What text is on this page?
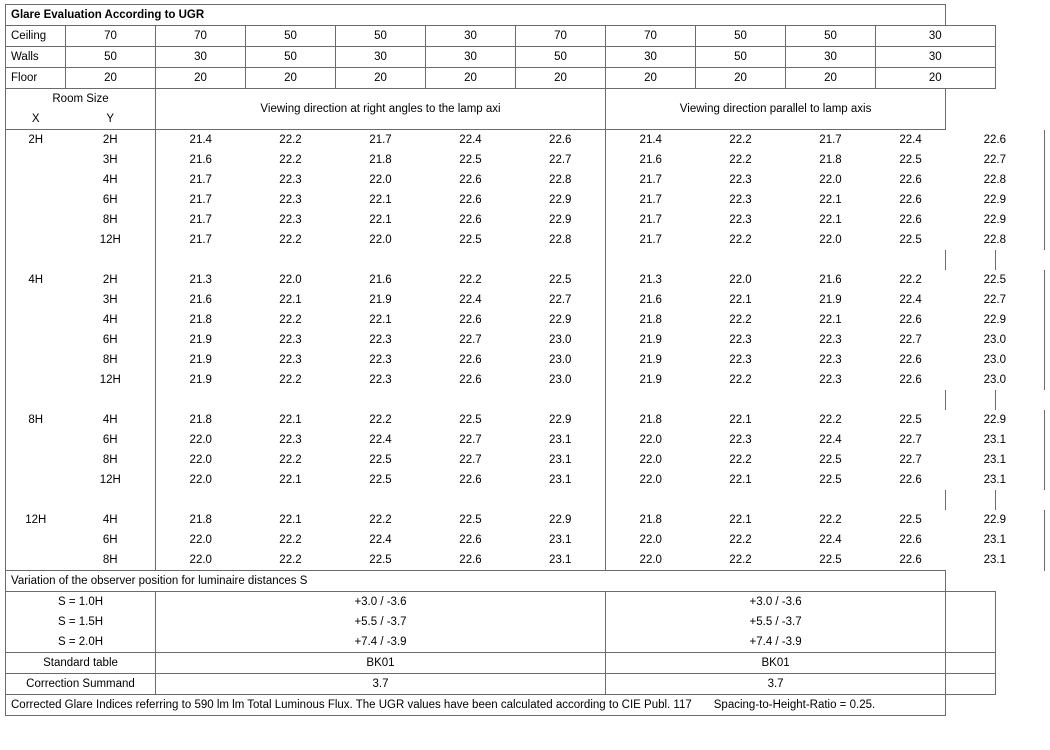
Glare Evaluation According to UGR											
Ceiling	70	70	50	50	30	70	70	50	50	30	
Walls	50	30	50	30	30	50	30	50	30	30	
Floor	20	20	20	20	20	20	20	20	20	20	
Room Size		Viewing direction at right angles to the lamp axi					Viewing direction parallel to lamp axis				
X	Y										
2H	2H	21.4	22.2	21.7	22.4	22.6	21.4	22.2	21.7	22.4	22.6
	3H	21.6	22.2	21.8	22.5	22.7	21.6	22.2	21.8	22.5	22.7
	4H	21.7	22.3	22.0	22.6	22.8	21.7	22.3	22.0	22.6	22.8
	6H	21.7	22.3	22.1	22.6	22.9	21.7	22.3	22.1	22.6	22.9
	8H	21.7	22.3	22.1	22.6	22.9	21.7	22.3	22.1	22.6	22.9
	12H	21.7	22.2	22.0	22.5	22.8	21.7	22.2	22.0	22.5	22.8

4H	2H	21.3	22.0	21.6	22.2	22.5	21.3	22.0	21.6	22.2	22.5
	3H	21.6	22.1	21.9	22.4	22.7	21.6	22.1	21.9	22.4	22.7
	4H	21.8	22.2	22.1	22.6	22.9	21.8	22.2	22.1	22.6	22.9
	6H	21.9	22.3	22.3	22.7	23.0	21.9	22.3	22.3	22.7	23.0
	8H	21.9	22.3	22.3	22.6	23.0	21.9	22.3	22.3	22.6	23.0
	12H	21.9	22.2	22.3	22.6	23.0	21.9	22.2	22.3	22.6	23.0

8H	4H	21.8	22.1	22.2	22.5	22.9	21.8	22.1	22.2	22.5	22.9
	6H	22.0	22.3	22.4	22.7	23.1	22.0	22.3	22.4	22.7	23.1
	8H	22.0	22.2	22.5	22.7	23.1	22.0	22.2	22.5	22.7	23.1
	12H	22.0	22.1	22.5	22.6	23.1	22.0	22.1	22.5	22.6	23.1

12H	4H	21.8	22.1	22.2	22.5	22.9	21.8	22.1	22.2	22.5	22.9
	6H	22.0	22.2	22.4	22.6	23.1	22.0	22.2	22.4	22.6	23.1
	8H	22.0	22.2	22.5	22.6	23.1	22.0	22.2	22.5	22.6	23.1
Variation of the observer position for luminaire distances S											
S = 1.0H		+3.0 / -3.6					+3.0 / -3.6				
S = 1.5H		+5.5 / -3.7					+5.5 / -3.7				
S = 2.0H		+7.4 / -3.9					+7.4 / -3.9				
Standard table		BK01					BK01				
Correction Summand		3.7					3.7				
Corrected Glare Indices referring to 590 lm lm Total Luminous Flux. The UGR values have been calculated according to CIE Publ. 117 Spacing-to-Height-Ratio = 0.25.											
